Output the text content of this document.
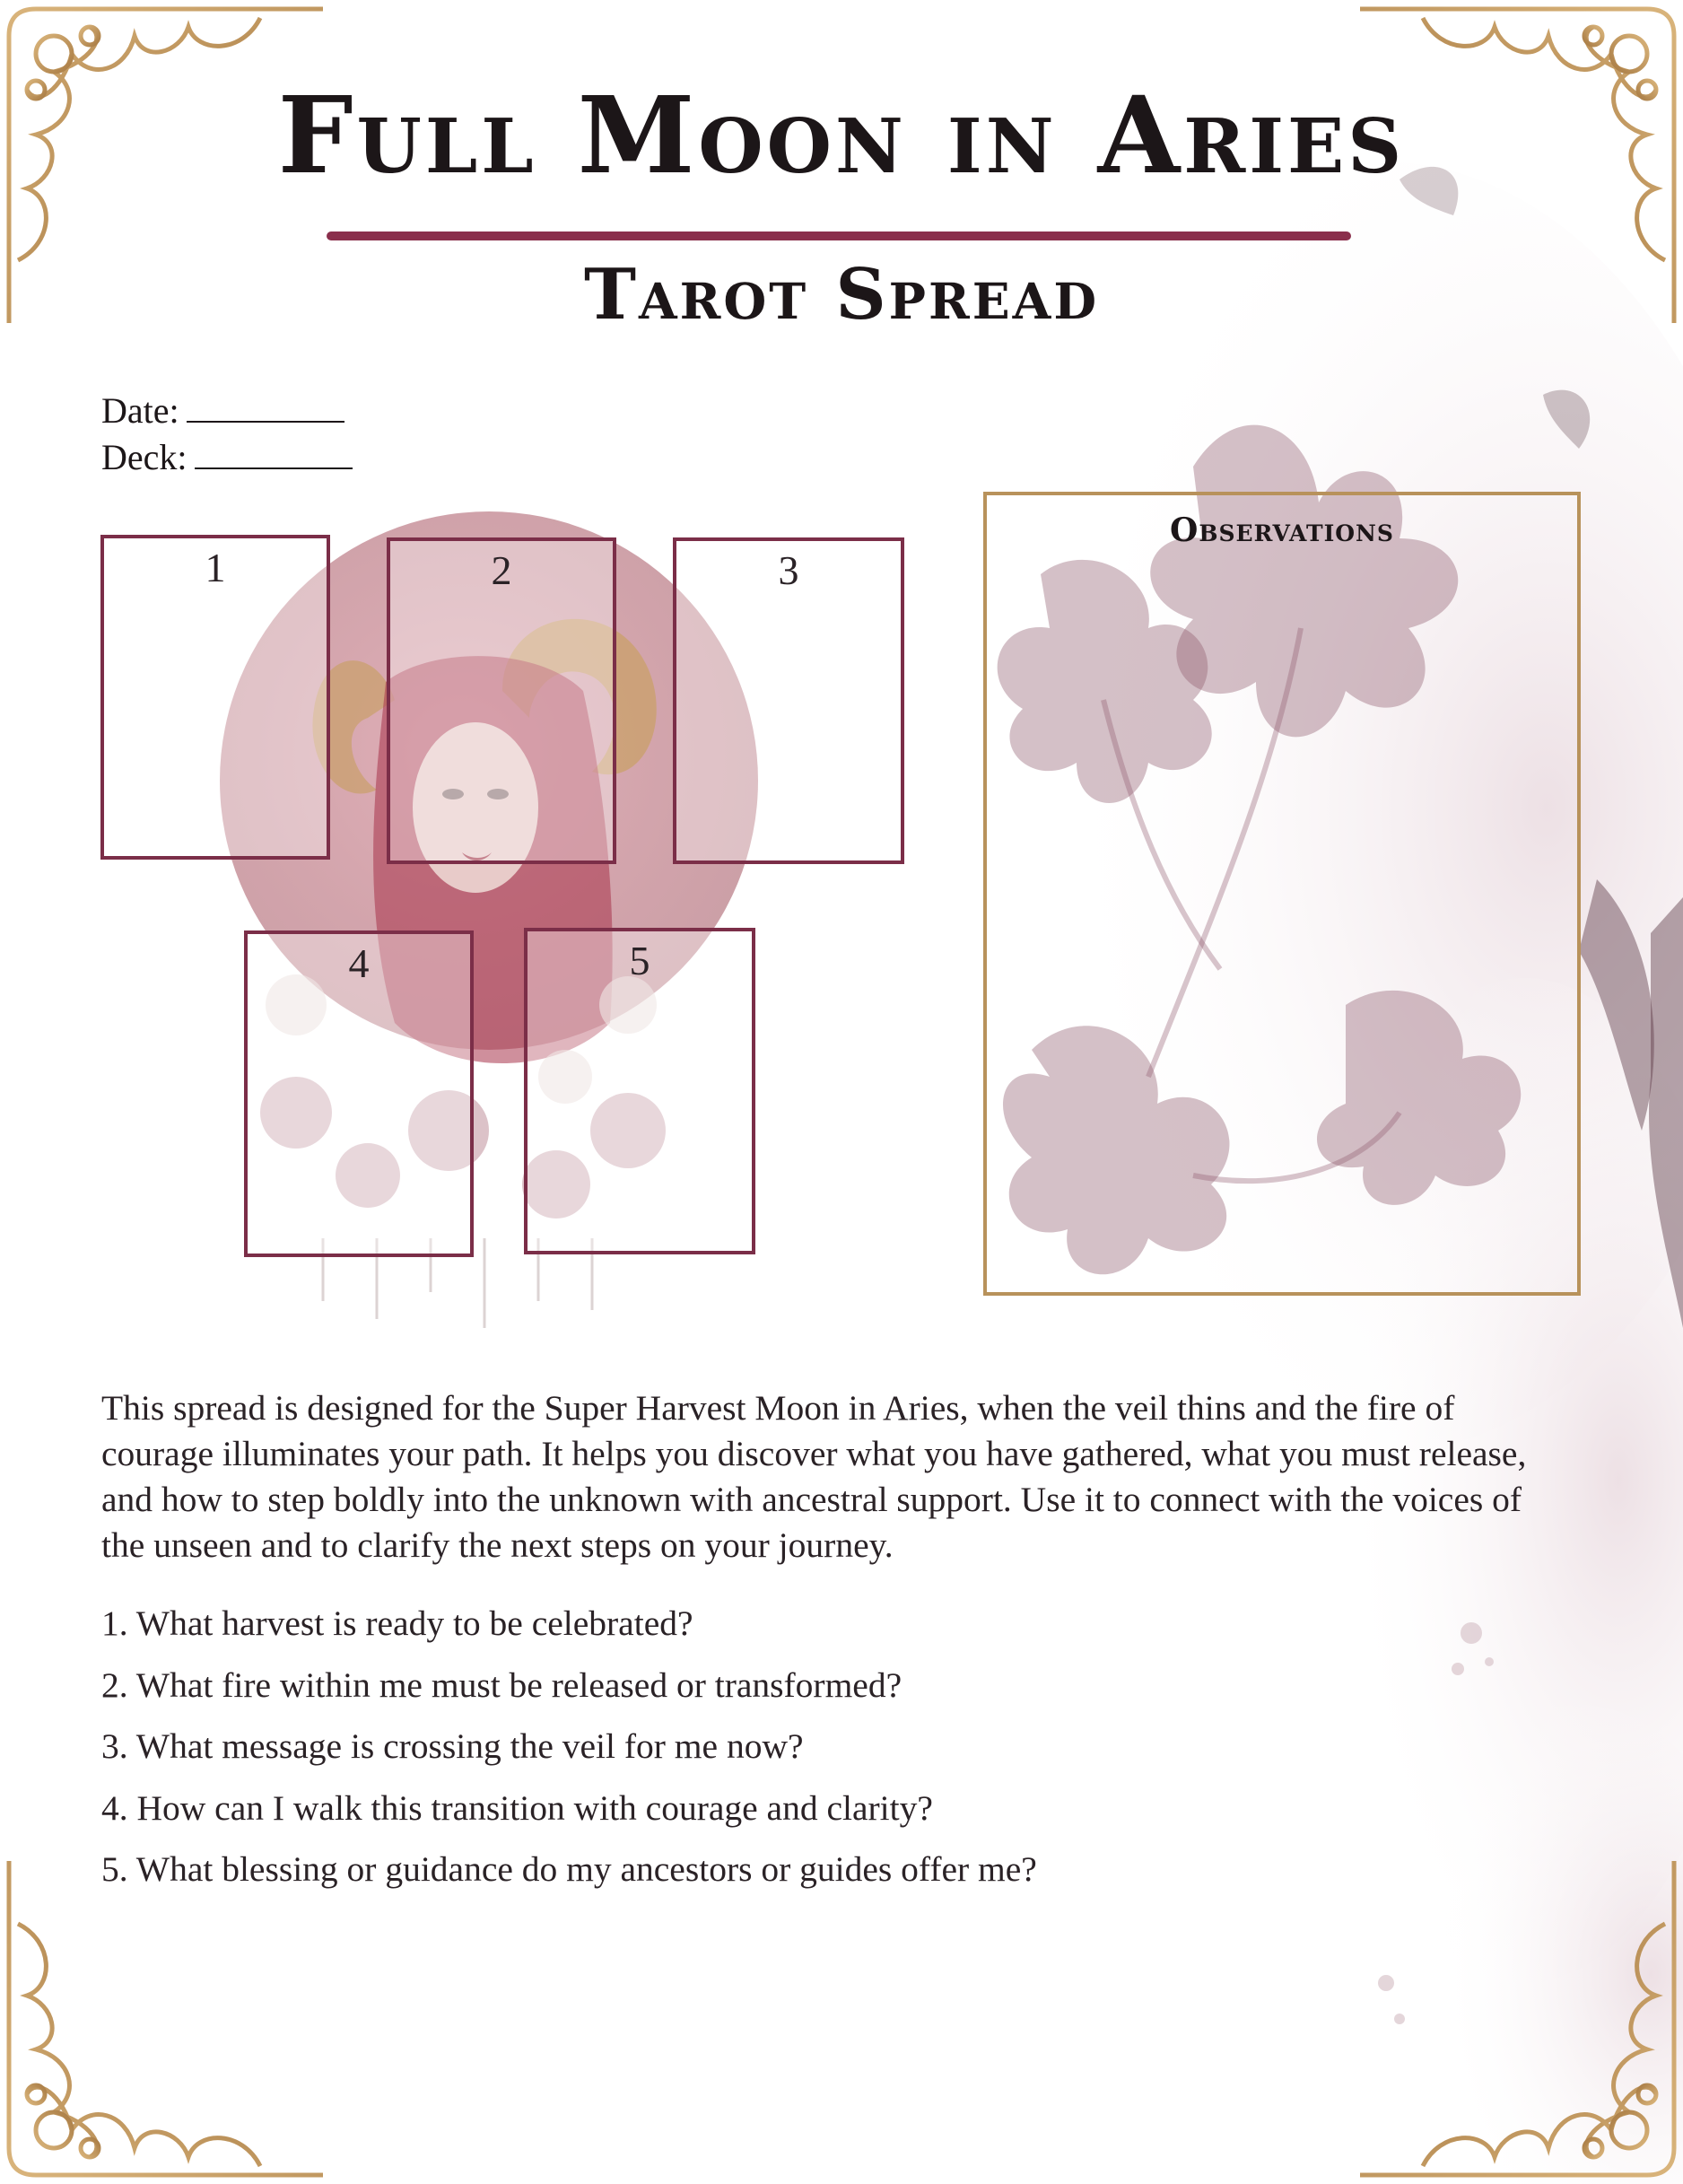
Full Moon in Aries
Tarot Spread
Date:
Deck:
1	2	3
4	5
Observations
This spread is designed for the Super Harvest Moon in Aries, when the veil thins and the fire of courage illuminates your path. It helps you discover what you have gathered, what you must release, and how to step boldly into the unknown with ancestral support. Use it to connect with the voices of the unseen and to clarify the next steps on your journey.
1. What harvest is ready to be celebrated?
2. What fire within me must be released or transformed?
3. What message is crossing the veil for me now?
4. How can I walk this transition with courage and clarity?
5. What blessing or guidance do my ancestors or guides offer me?
